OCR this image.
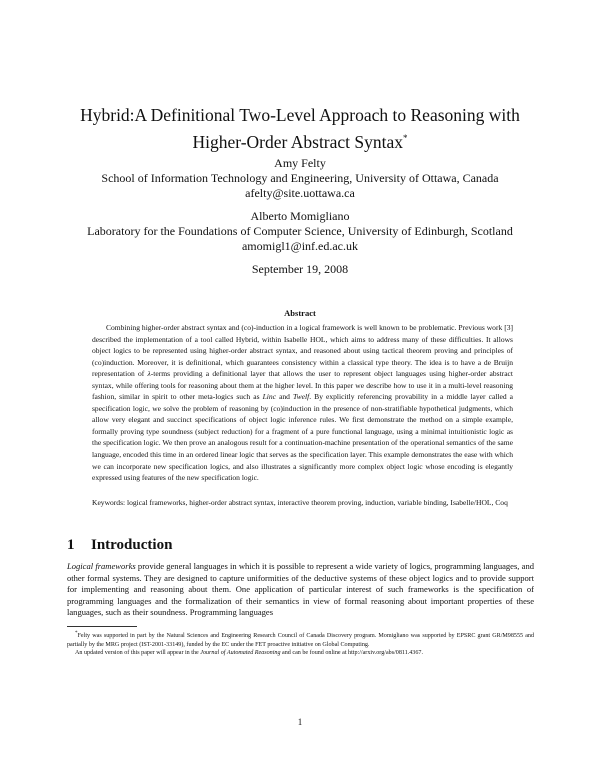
Hybrid:A Definitional Two-Level Approach to Reasoning with
Higher-Order Abstract Syntax*
Amy Felty
School of Information Technology and Engineering, University of Ottawa, Canada
afelty@site.uottawa.ca
Alberto Momigliano
Laboratory for the Foundations of Computer Science, University of Edinburgh, Scotland
amomigl1@inf.ed.ac.uk
September 19, 2008
Abstract

Combining higher-order abstract syntax and (co)-induction in a logical framework is well known to be problematic. Previous work [3] described the implementation of a tool called Hybrid, within Isabelle HOL, which aims to address many of these difficulties. It allows object logics to be represented using higher-order abstract syntax, and reasoned about using tactical theorem proving and principles of (co)induction. Moreover, it is definitional, which guarantees consistency within a classical type theory. The idea is to have a de Bruijn representation of λ-terms providing a definitional layer that allows the user to represent object languages using higher-order abstract syntax, while offering tools for reasoning about them at the higher level. In this paper we describe how to use it in a multi-level reasoning fashion, similar in spirit to other meta-logics such as Linc and Twelf. By explicitly referencing provability in a middle layer called a specification logic, we solve the problem of reasoning by (co)induction in the presence of non-stratifiable hypothetical judgments, which allow very elegant and succinct specifications of object logic inference rules. We first demonstrate the method on a simple example, formally proving type soundness (subject reduction) for a fragment of a pure functional language, using a minimal intuitionistic logic as the specification logic. We then prove an analogous result for a continuation-machine presentation of the operational semantics of the same language, encoded this time in an ordered linear logic that serves as the specification layer. This example demonstrates the ease with which we can incorporate new specification logics, and also illustrates a significantly more complex object logic whose encoding is elegantly expressed using features of the new specification logic.

Keywords: logical frameworks, higher-order abstract syntax, interactive theorem proving, induction, variable binding, Isabelle/HOL, Coq
1 Introduction

Logical frameworks provide general languages in which it is possible to represent a wide variety of logics, programming languages, and other formal systems. They are designed to capture uniformities of the deductive systems of these object logics and to provide support for implementing and reasoning about them. One application of particular interest of such frameworks is the specification of programming languages and the formalization of their semantics in view of formal reasoning about important properties of these languages, such as their soundness. Programming languages

*Felty was supported in part by the Natural Sciences and Engineering Research Council of Canada Discovery program. Momigliano was supported by EPSRC grant GR/M98555 and partially by the MRG project (IST-2001-33149), funded by the EC under the FET proactive initiative on Global Computing.

An updated version of this paper will appear in the Journal of Automated Reasoning and can be found online at http://arxiv.org/abs/0811.4367.

1
